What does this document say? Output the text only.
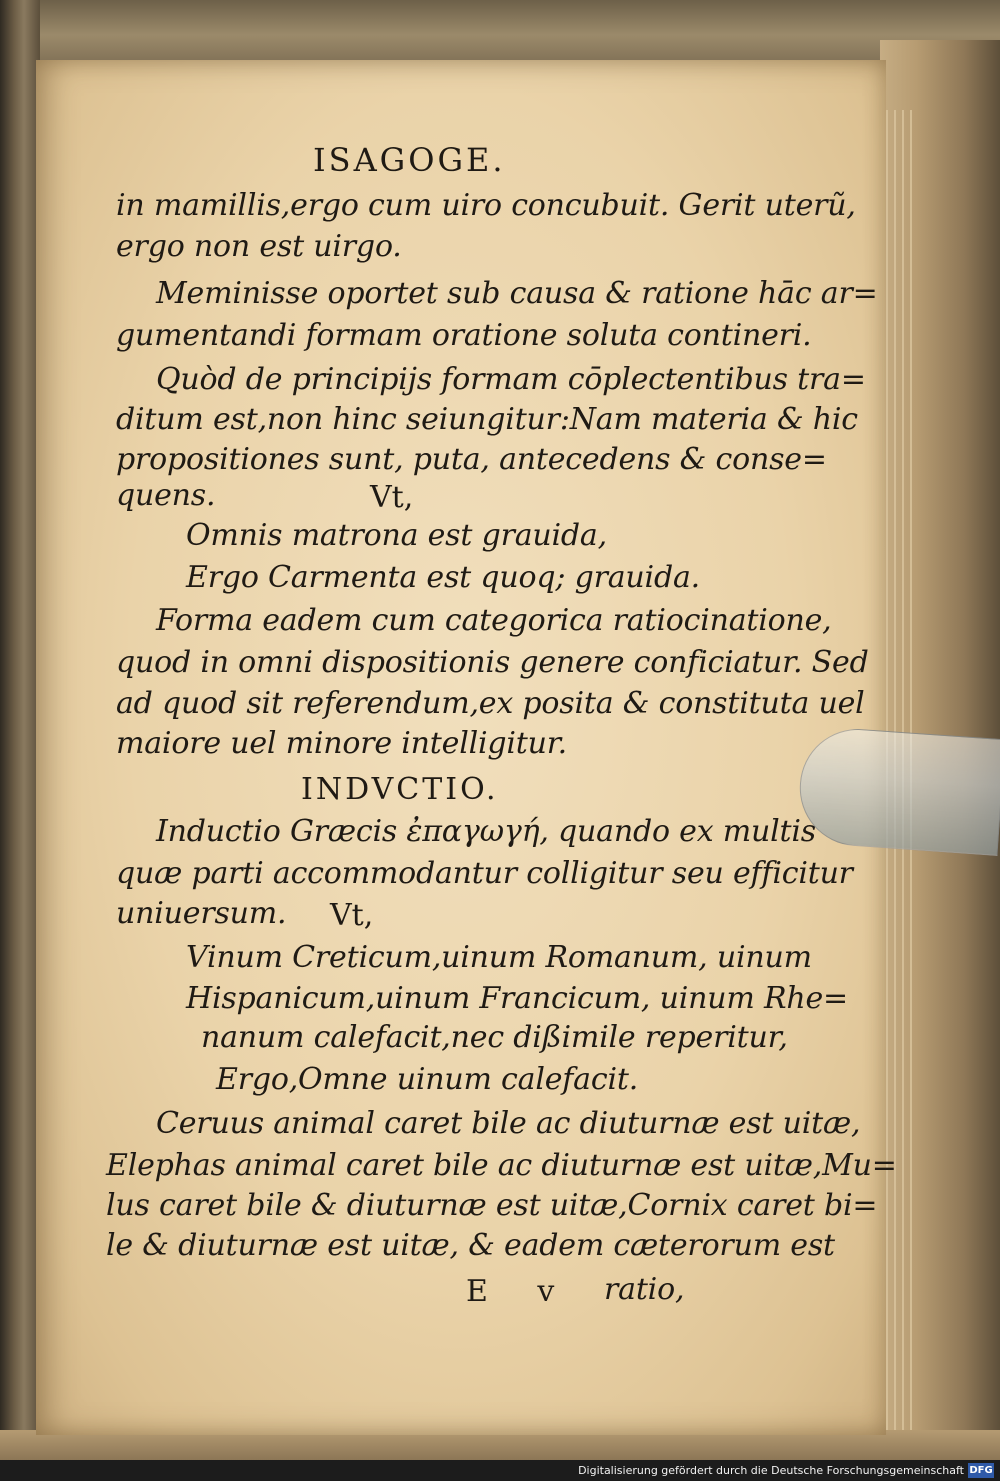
ISAGOGE.
in mamillis,ergo cum uiro concubuit. Gerit uterũ,
ergo non est uirgo.
Meminisse oportet sub causa & ratione hāc ar=
gumentandi formam oratione soluta contineri.
Quòd de principijs formam cōplectentibus tra=
ditum est,non hinc seiungitur:Nam materia & hic
propositiones sunt, puta, antecedens & conse=
quens.	Vt,
Omnis matrona est grauida,
Ergo Carmenta est quoq; grauida.
Forma eadem cum categorica ratiocinatione,
quod in omni dispositionis genere conficiatur. Sed
ad quod sit referendum,ex posita & constituta uel
maiore uel minore intelligitur.
INDVCTIO.
Inductio Græcis ἐπαγωγή, quando ex multis
quæ parti accommodantur colligitur seu efficitur
uniuersum. Vt,
Vinum Creticum,uinum Romanum, uinum
Hispanicum,uinum Francicum, uinum Rhe=
nanum calefacit,nec dißimile reperitur,
Ergo,Omne uinum calefacit.
Ceruus animal caret bile ac diuturnæ est uitæ,
Elephas animal caret bile ac diuturnæ est uitæ,Mu=
lus caret bile & diuturnæ est uitæ,Cornix caret bi=
le & diuturnæ est uitæ, & eadem cæterorum est
E v ratio,
Digitalisierung gefördert durch die Deutsche Forschungsgemeinschaft DFG
